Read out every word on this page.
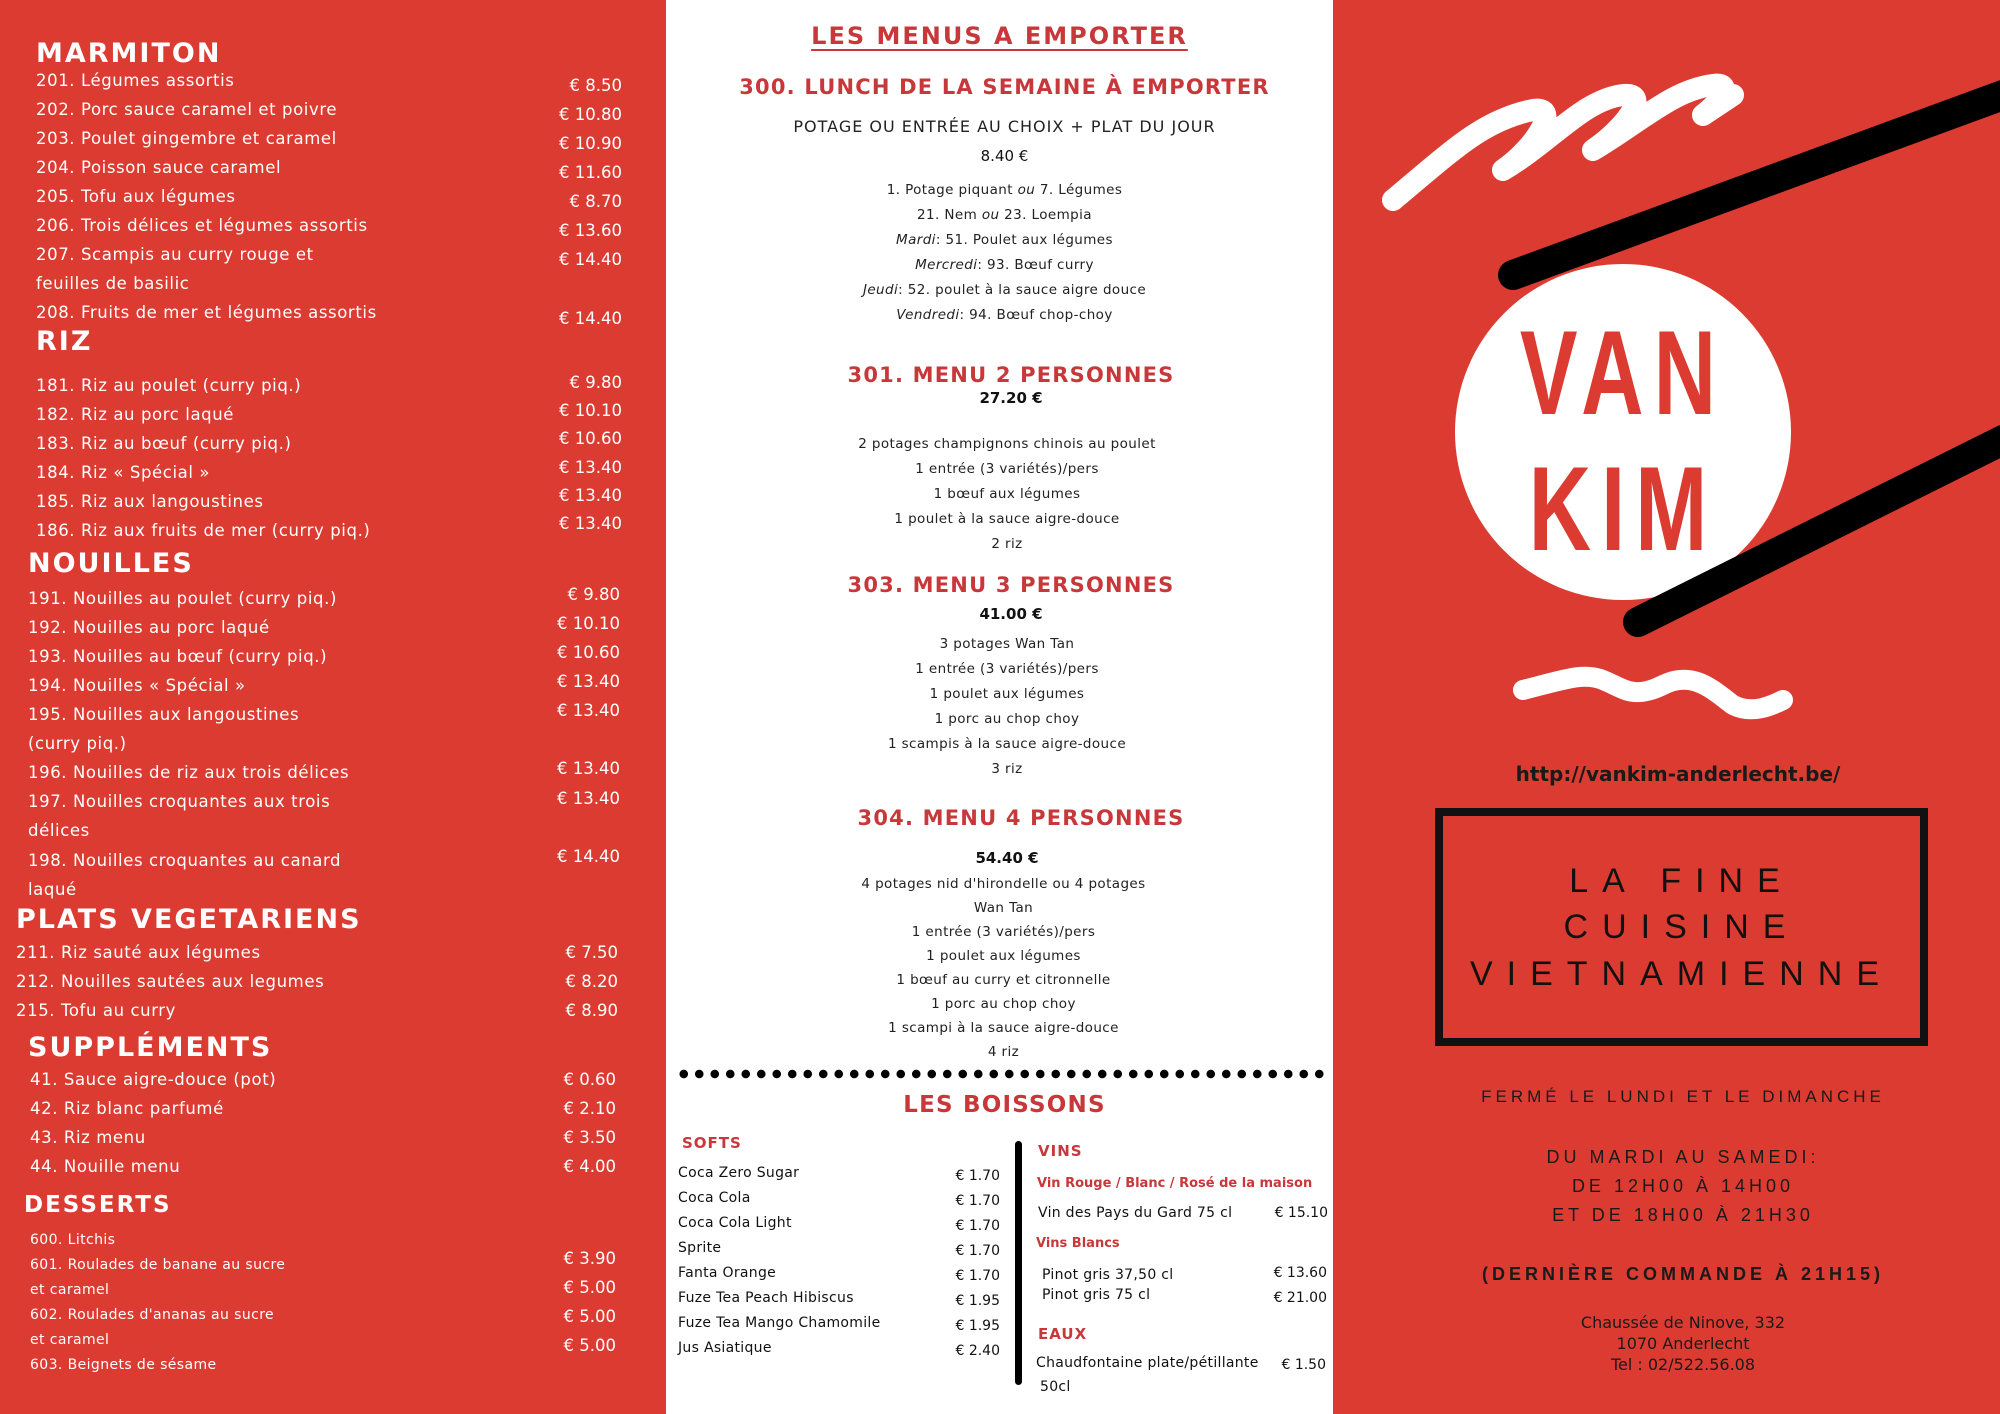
MARMITON
201. Légumes assortis	€ 8.50
202. Porc sauce caramel et poivre	€ 10.80
203. Poulet gingembre et caramel	€ 10.90
204. Poisson sauce caramel	€ 11.60
205. Tofu aux légumes	€ 8.70
206. Trois délices et légumes assortis	€ 13.60
207. Scampis au curry rouge et
feuilles de basilic
€ 14.40
208. Fruits de mer et légumes assortis	€ 14.40
RIZ
181. Riz au poulet (curry piq.)	€ 9.80
182. Riz au porc laqué	€ 10.10
183. Riz au bœuf (curry piq.)	€ 10.60
184. Riz « Spécial »	€ 13.40
185. Riz aux langoustines	€ 13.40
186. Riz aux fruits de mer (curry piq.)	€ 13.40
NOUILLES
191. Nouilles au poulet (curry piq.)	€ 9.80
192. Nouilles au porc laqué	€ 10.10
193. Nouilles au bœuf (curry piq.)	€ 10.60
194. Nouilles « Spécial »	€ 13.40
195. Nouilles aux langoustines
(curry piq.)
€ 13.40
196. Nouilles de riz aux trois délices	€ 13.40
197. Nouilles croquantes aux trois
délices
€ 13.40
198. Nouilles croquantes au canard
laqué
€ 14.40
PLATS VEGETARIENS
211. Riz sauté aux légumes	€ 7.50
212. Nouilles sautées aux legumes	€ 8.20
215. Tofu au curry	€ 8.90
SUPPLÉMENTS
41. Sauce aigre-douce (pot)	€ 0.60
42. Riz blanc parfumé	€ 2.10
43. Riz menu	€ 3.50
44. Nouille menu	€ 4.00
DESSERTS
600. Litchis
€ 3.90
601. Roulades de banane au sucre
et caramel	€ 5.00
602. Roulades d'ananas au sucre
et caramel
€ 5.00
603. Beignets de sésame
€ 5.00
LES MENUS A EMPORTER
300. LUNCH DE LA SEMAINE À EMPORTER
POTAGE OU ENTRÉE AU CHOIX + PLAT DU JOUR
8.40 €
1. Potage piquant ou 7. Légumes
21. Nem ou 23. Loempia
Mardi: 51. Poulet aux légumes
Mercredi: 93. Bœuf curry
Jeudi: 52. poulet à la sauce aigre douce
Vendredi: 94. Bœuf chop-choy
301. MENU 2 PERSONNES
27.20 €
2 potages champignons chinois au poulet
1 entrée (3 variétés)/pers
1 bœuf aux légumes
1 poulet à la sauce aigre-douce
2 riz
303. MENU 3 PERSONNES
41.00 €
3 potages Wan Tan
1 entrée (3 variétés)/pers
1 poulet aux légumes
1 porc au chop choy
1 scampis à la sauce aigre-douce
3 riz
304. MENU 4 PERSONNES
54.40 €
4 potages nid d'hirondelle ou 4 potages
Wan Tan
1 entrée (3 variétés)/pers
1 poulet aux légumes
1 bœuf au curry et citronnelle
1 porc au chop choy
1 scampi à la sauce aigre-douce
4 riz
LES BOISSONS
SOFTS
Coca Zero Sugar	€ 1.70
Coca Cola	€ 1.70
Coca Cola Light	€ 1.70
Sprite	€ 1.70
Fanta Orange	€ 1.70
Fuze Tea Peach Hibiscus	€ 1.95
Fuze Tea Mango Chamomile	€ 1.95
Jus Asiatique	€ 2.40
VINS
Vin Rouge / Blanc / Rosé de la maison
Vin des Pays du Gard 75 cl	€ 15.10
Vins Blancs
Pinot gris 37,50 cl	€ 13.60
Pinot gris 75 cl	€ 21.00
EAUX
Chaudfontaine plate/pétillante
50cl
€ 1.50
VAN
KIM
http://vankim-anderlecht.be/
LA FINE
CUISINE
VIETNAMIENNE
FERMÉ LE LUNDI ET LE DIMANCHE
DU MARDI AU SAMEDI:
DE 12H00 À 14H00
ET DE 18H00 À 21H30
(DERNIÈRE COMMANDE À 21H15)
Chaussée de Ninove, 332
1070 Anderlecht
Tel : 02/522.56.08
